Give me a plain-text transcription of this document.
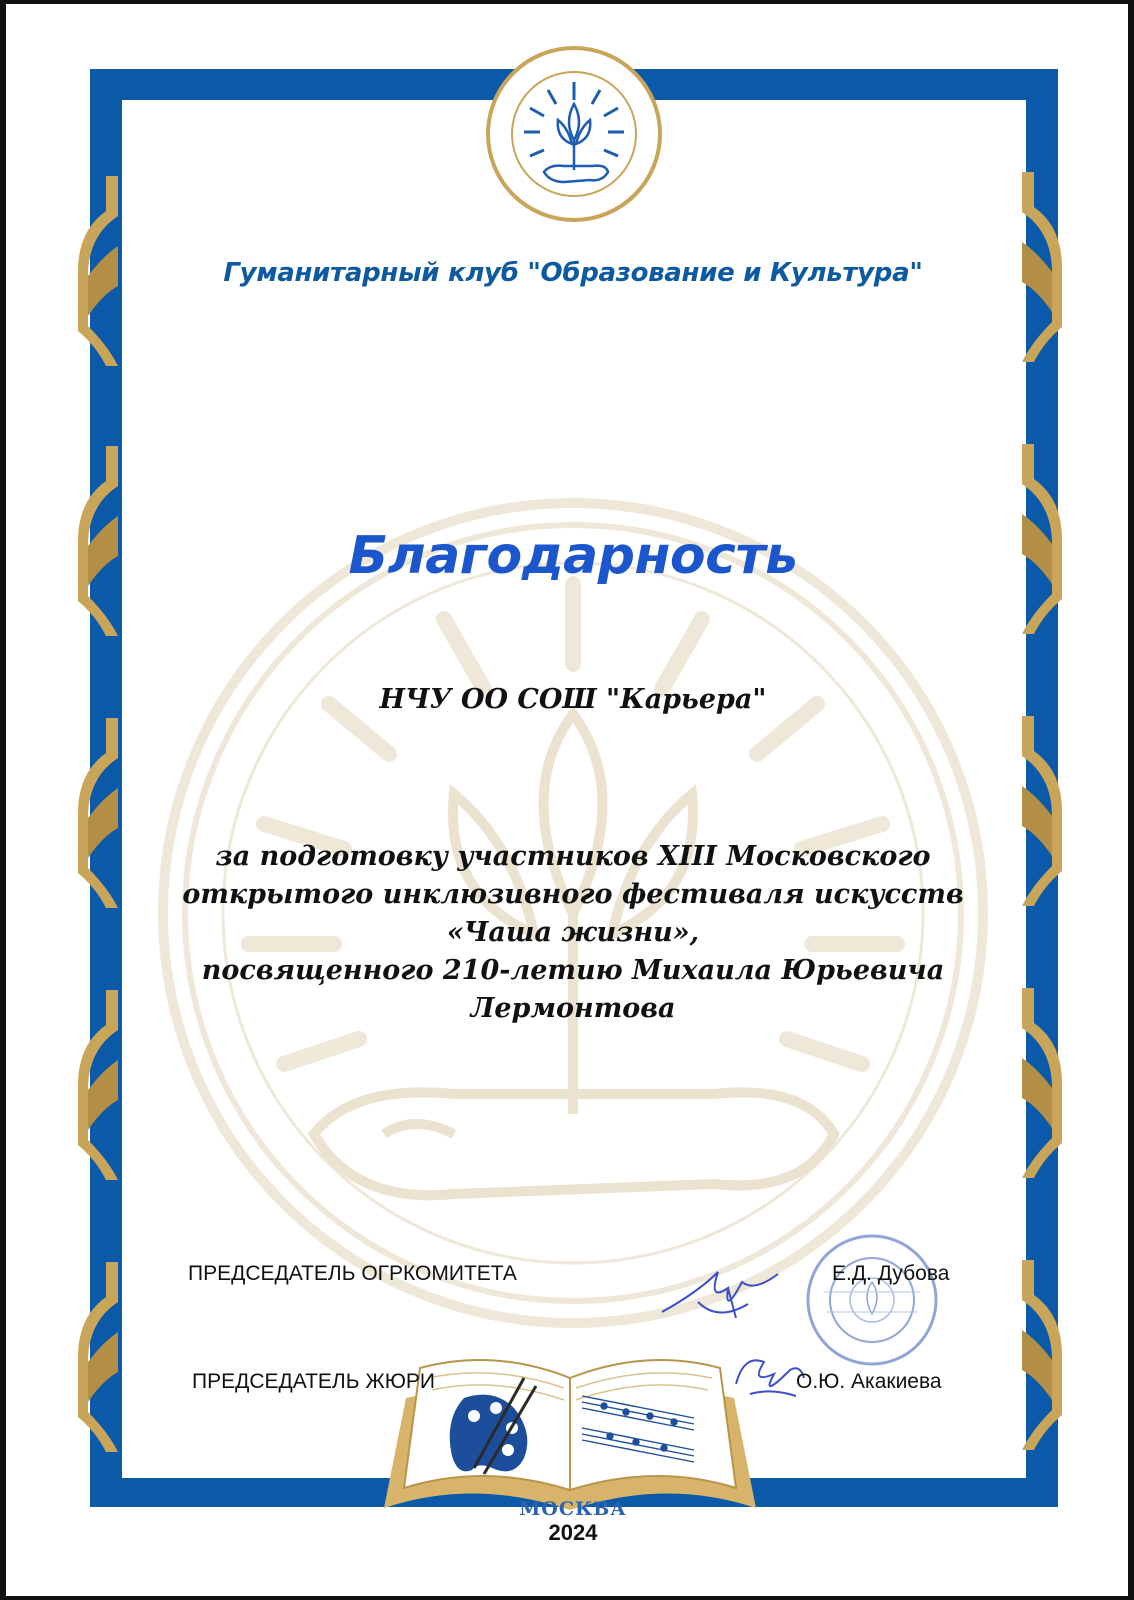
Гуманитарный клуб "Образование и Культура"
Благодарность
НЧУ ОО СОШ "Карьера"
за подготовку участников XIII Московского
открытого инклюзивного фестиваля искусств
«Чаша жизни»,
посвященного 210-летию Михаила Юрьевича
Лермонтова
ПРЕДСЕДАТЕЛЬ ОГРКОМИТЕТА	Е.Д. Дубова
ПРЕДСЕДАТЕЛЬ ЖЮРИ	О.Ю. Акакиева
МОСКВА
2024
